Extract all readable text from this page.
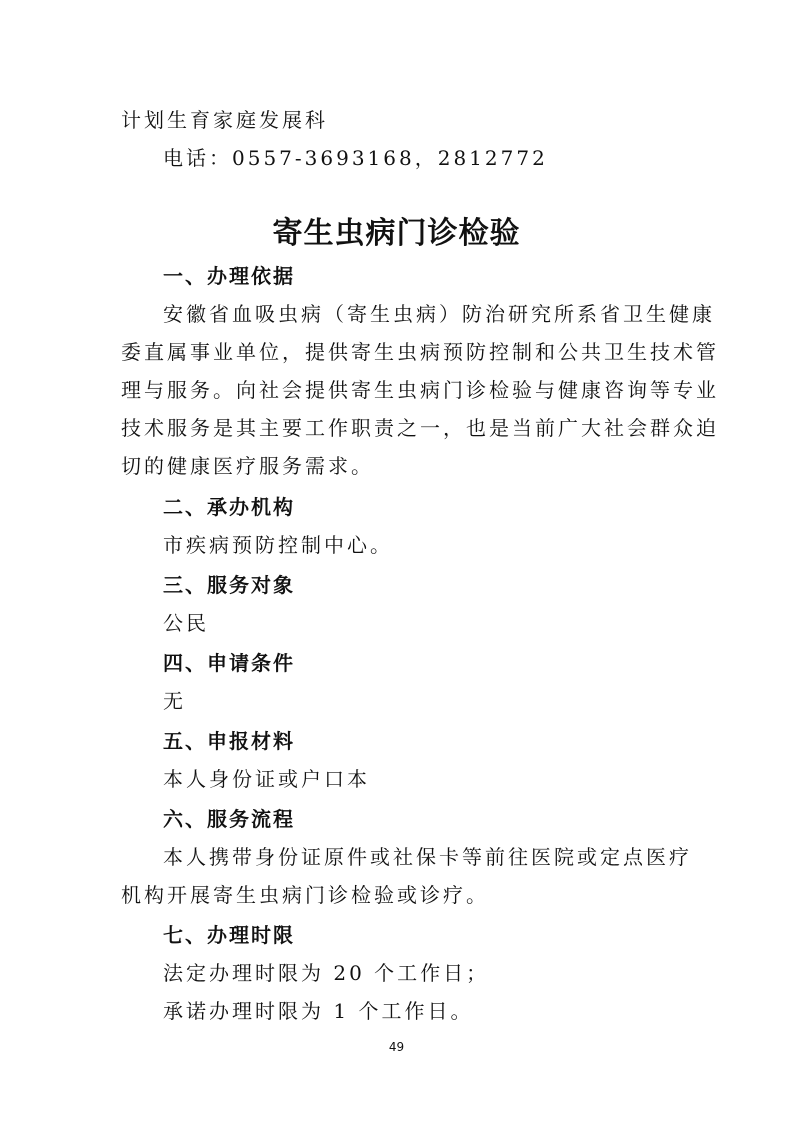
计划生育家庭发展科
电话：0557-3693168，2812772
寄生虫病门诊检验
一、办理依据
安徽省血吸虫病（寄生虫病）防治研究所系省卫生健康
委直属事业单位，提供寄生虫病预防控制和公共卫生技术管
理与服务。向社会提供寄生虫病门诊检验与健康咨询等专业
技术服务是其主要工作职责之一，也是当前广大社会群众迫
切的健康医疗服务需求。
二、承办机构
市疾病预防控制中心。
三、服务对象
公民
四、申请条件
无
五、申报材料
本人身份证或户口本
六、服务流程
本人携带身份证原件或社保卡等前往医院或定点医疗
机构开展寄生虫病门诊检验或诊疗。
七、办理时限
法定办理时限为 20 个工作日；
承诺办理时限为 1 个工作日。
49
